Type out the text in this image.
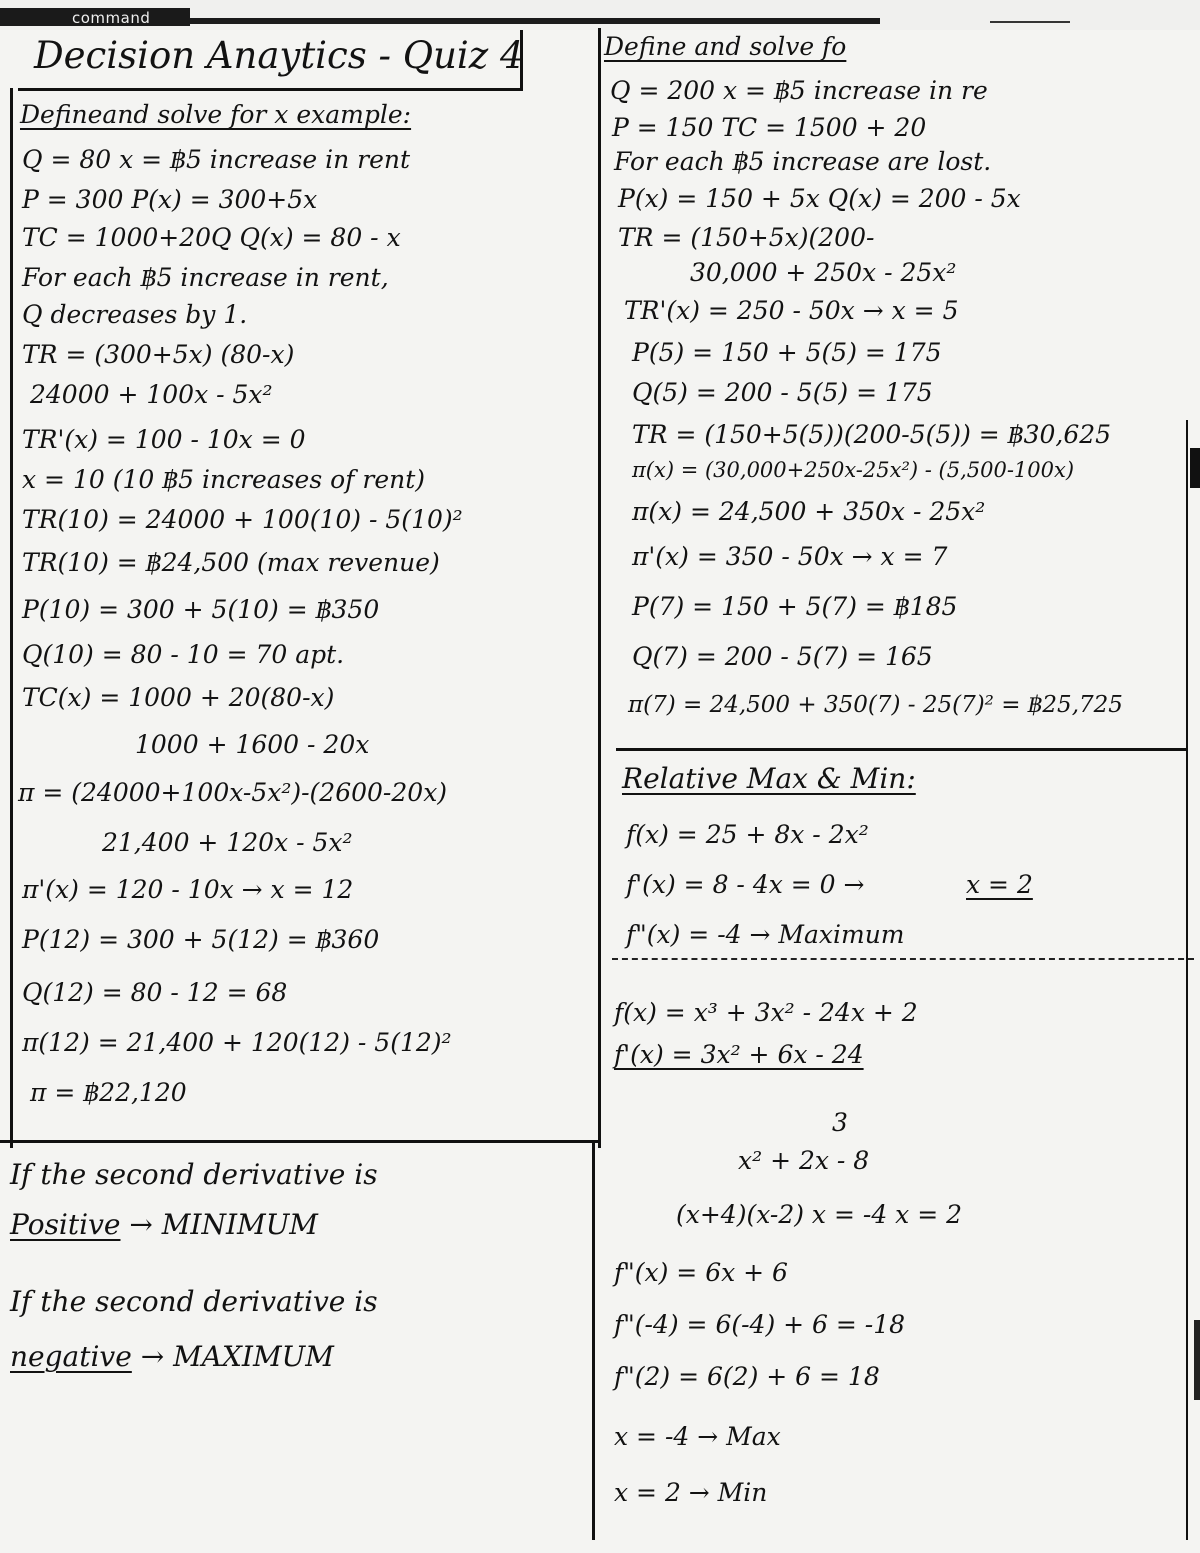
command
Decision Anaytics - Quiz 4
Defineand solve for x example:
Q = 80 x = ฿5 increase in rent
P = 300 P(x) = 300+5x
TC = 1000+20Q Q(x) = 80 - x
For each ฿5 increase in rent,
Q decreases by 1.
TR = (300+5x) (80-x)
24000 + 100x - 5x²
TR'(x) = 100 - 10x = 0
x = 10 (10 ฿5 increases of rent)
TR(10) = 24000 + 100(10) - 5(10)²
TR(10) = ฿24,500 (max revenue)
P(10) = 300 + 5(10) = ฿350
Q(10) = 80 - 10 = 70 apt.
TC(x) = 1000 + 20(80-x)
1000 + 1600 - 20x
π = (24000+100x-5x²)-(2600-20x)
21,400 + 120x - 5x²
π'(x) = 120 - 10x → x = 12
P(12) = 300 + 5(12) = ฿360
Q(12) = 80 - 12 = 68
π(12) = 21,400 + 120(12) - 5(12)²
π = ฿22,120
If the second derivative is
Positive → MINIMUM
If the second derivative is
negative → MAXIMUM
Define and solve fo
Q = 200 x = ฿5 increase in re
P = 150 TC = 1500 + 20
For each ฿5 increase are lost.
P(x) = 150 + 5x Q(x) = 200 - 5x
TR = (150+5x)(200-
30,000 + 250x - 25x²
TR'(x) = 250 - 50x → x = 5
P(5) = 150 + 5(5) = 175
Q(5) = 200 - 5(5) = 175
TR = (150+5(5))(200-5(5)) = ฿30,625
π(x) = (30,000+250x-25x²) - (5,500-100x)
π(x) = 24,500 + 350x - 25x²
π'(x) = 350 - 50x → x = 7
P(7) = 150 + 5(7) = ฿185
Q(7) = 200 - 5(7) = 165
π(7) = 24,500 + 350(7) - 25(7)² = ฿25,725
Relative Max & Min:
f(x) = 25 + 8x - 2x²
f'(x) = 8 - 4x = 0 →	x = 2
f"(x) = -4 → Maximum
f(x) = x³ + 3x² - 24x + 2
f'(x) = 3x² + 6x - 24
3
x² + 2x - 8
(x+4)(x-2) x = -4 x = 2
f"(x) = 6x + 6
f"(-4) = 6(-4) + 6 = -18
f"(2) = 6(2) + 6 = 18
x = -4 → Max
x = 2 → Min
